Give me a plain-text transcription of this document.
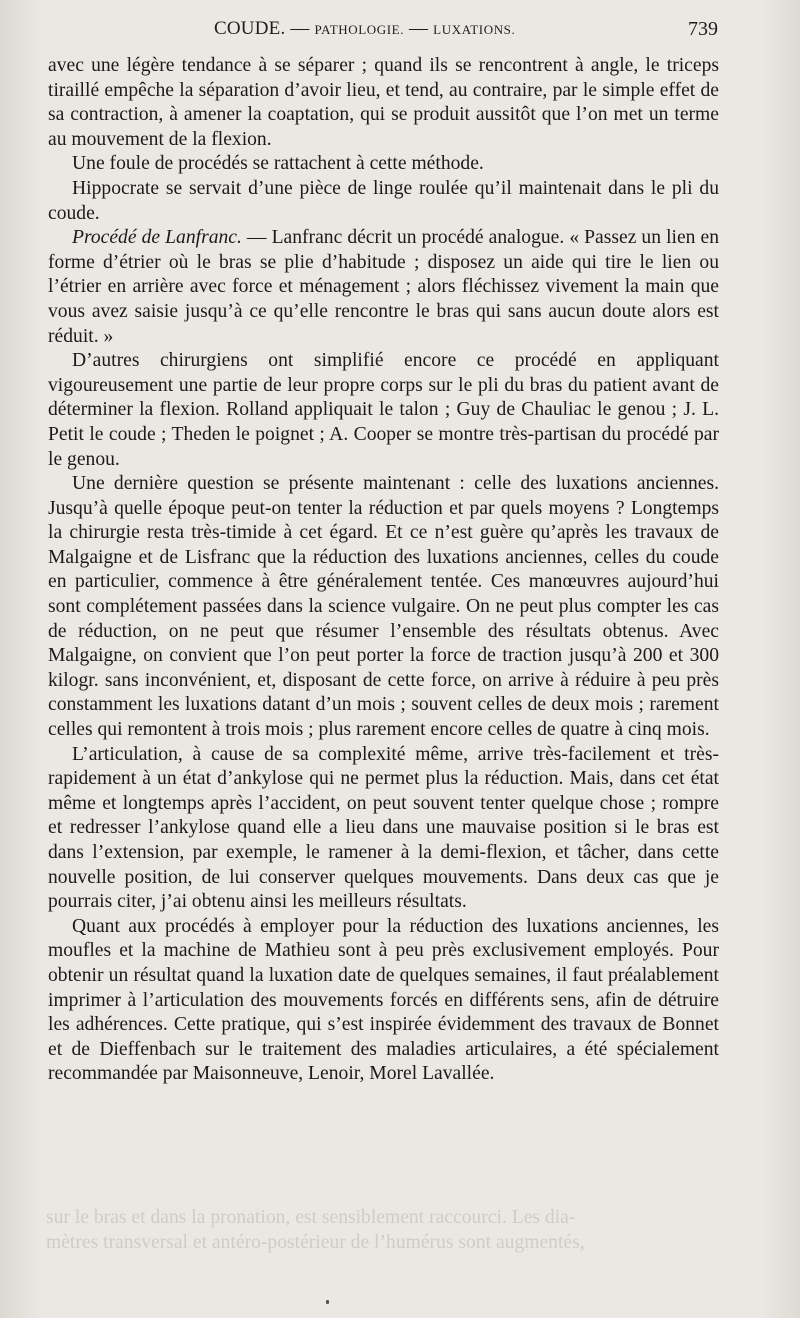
COUDE. — PATHOLOGIE. — LUXATIONS.	739

avec une légère tendance à se séparer ; quand ils se rencontrent à angle, le triceps tiraillé empêche la séparation d’avoir lieu, et tend, au contraire, par le simple effet de sa contraction, à amener la coaptation, qui se produit aussitôt que l’on met un terme au mouvement de la flexion.

Une foule de procédés se rattachent à cette méthode.

Hippocrate se servait d’une pièce de linge roulée qu’il maintenait dans le pli du coude.

Procédé de Lanfranc. — Lanfranc décrit un procédé analogue. « Passez un lien en forme d’étrier où le bras se plie d’habitude ; disposez un aide qui tire le lien ou l’étrier en arrière avec force et ménagement ; alors fléchissez vivement la main que vous avez saisie jusqu’à ce qu’elle rencontre le bras qui sans aucun doute alors est réduit. »

D’autres chirurgiens ont simplifié encore ce procédé en appliquant vigoureusement une partie de leur propre corps sur le pli du bras du patient avant de déterminer la flexion. Rolland appliquait le talon ; Guy de Chauliac le genou ; J. L. Petit le coude ; Theden le poignet ; A. Cooper se montre très-partisan du procédé par le genou.

Une dernière question se présente maintenant : celle des luxations anciennes. Jusqu’à quelle époque peut-on tenter la réduction et par quels moyens ? Longtemps la chirurgie resta très-timide à cet égard. Et ce n’est guère qu’après les travaux de Malgaigne et de Lisfranc que la réduction des luxations anciennes, celles du coude en particulier, commence à être généralement tentée. Ces manœuvres aujourd’hui sont complétement passées dans la science vulgaire. On ne peut plus compter les cas de réduction, on ne peut que résumer l’ensemble des résultats obtenus. Avec Malgaigne, on convient que l’on peut porter la force de traction jusqu’à 200 et 300 kilogr. sans inconvénient, et, disposant de cette force, on arrive à réduire à peu près constamment les luxations datant d’un mois ; souvent celles de deux mois ; rarement celles qui remontent à trois mois ; plus rarement encore celles de quatre à cinq mois.

L’articulation, à cause de sa complexité même, arrive très-facilement et très-rapidement à un état d’ankylose qui ne permet plus la réduction. Mais, dans cet état même et longtemps après l’accident, on peut souvent tenter quelque chose ; rompre et redresser l’ankylose quand elle a lieu dans une mauvaise position si le bras est dans l’extension, par exemple, le ramener à la demi-flexion, et tâcher, dans cette nouvelle position, de lui conserver quelques mouvements. Dans deux cas que je pourrais citer, j’ai obtenu ainsi les meilleurs résultats.

Quant aux procédés à employer pour la réduction des luxations anciennes, les moufles et la machine de Mathieu sont à peu près exclusivement employés. Pour obtenir un résultat quand la luxation date de quelques semaines, il faut préalablement imprimer à l’articulation des mouvements forcés en différents sens, afin de détruire les adhérences. Cette pratique, qui s’est inspirée évidemment des travaux de Bonnet et de Dieffenbach sur le traitement des maladies articulaires, a été spécialement recommandée par Maisonneuve, Lenoir, Morel Lavallée.

sur le bras et dans la pronation, est sensiblement raccourci. Les dia-
mètres transversal et antéro-postérieur de l’humérus sont augmentés,
